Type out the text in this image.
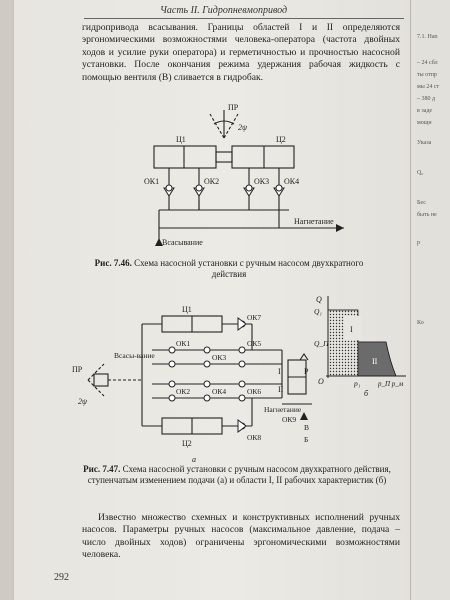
Часть II. Гидропневмопривод
гидропривода всасывания. Границы областей I и II определяются эргономическими возможностями человека-оператора (частота двойных ходов и усилие руки оператора) и герметичностью и прочностью насосной установки. После окончания режима удержания рабочая жидкость с помощью вентиля (В) сливается в гидробак.
ПР
2ψ
Ц1	Ц2
ОК1	ОК2	ОК3 ОК4
Всасывание
Нагнетание
Рис. 7.46. Схема насосной установки с ручным насосом двухкратного действия
Ц1
Ц2
ПР
2ψ
Всасы-вание
ОК1
ОК3
ОК5
ОК7
ОК2	ОК4	ОК6
ОК8
ОК9
I
II
Р
Нагнетание
В
Б
а
Q
Q₁
Q_П
O
I
II
p₁	p_П p_м
б
Рис. 7.47. Схема насосной установки с ручным насосом двухкратного действия, ступенчатым изменением подачи (а) и области I, II рабочих характеристик (б)
Известно множество схемных и конструктивных исполнений ручных насосов. Параметры ручных насосов (максимальное давление, подача – число двойных ходов) ограничены эргономическими возможностями человека.
292
7.1. Нап
– 24 сбл
ты отпр
мы 24 ст
– 380 д
в заде
мощн
Указа
Q₀
Бес
быть не
p
Ко
